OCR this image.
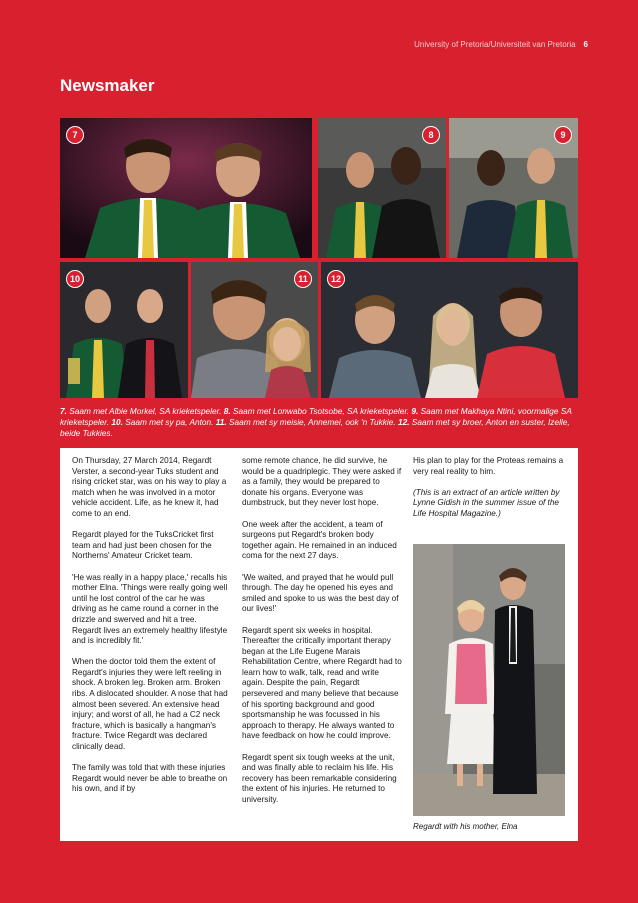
University of Pretoria/Universiteit van Pretoria 6
Newsmaker
7	8	9
10	11	12
7. Saam met Albie Morkel, SA krieketspeler. 8. Saam met Lonwabo Tsotsobe, SA krieketspeler. 9. Saam met Makhaya Ntini, voormalige SA krieketspeler. 10. Saam met sy pa, Anton. 11. Saam met sy meisie, Annemei, ook 'n Tukkie. 12. Saam met sy broer, Anton en suster, Izelle, beide Tukkies.

On Thursday, 27 March 2014, Regardt Verster, a second-year Tuks student and rising cricket star, was on his way to play a match when he was involved in a motor vehicle accident. Life, as he knew it, had come to an end.

Regardt played for the TuksCricket first team and had just been chosen for the Northerns' Amateur Cricket team.

'He was really in a happy place,' recalls his mother Elna. 'Things were really going well until he lost control of the car he was driving as he came round a corner in the drizzle and swerved and hit a tree. Regardt lives an extremely healthy lifestyle and is incredibly fit.'

When the doctor told them the extent of Regardt's injuries they were left reeling in shock. A broken leg. Broken arm. Broken ribs. A dislocated shoulder. A nose that had almost been severed. An extensive head injury; and worst of all, he had a C2 neck fracture, which is basically a hangman's fracture. Twice Regardt was declared clinically dead.

The family was told that with these injuries Regardt would never be able to breathe on his own, and if by

some remote chance, he did survive, he would be a quadriplegic. They were asked if as a family, they would be prepared to donate his organs. Everyone was dumbstruck, but they never lost hope.

One week after the accident, a team of surgeons put Regardt's broken body together again. He remained in an induced coma for the next 27 days.

'We waited, and prayed that he would pull through. The day he opened his eyes and smiled and spoke to us was the best day of our lives!'

Regardt spent six weeks in hospital. Thereafter the critically important therapy began at the Life Eugene Marais Rehabilitation Centre, where Regardt had to learn how to walk, talk, read and write again. Despite the pain, Regardt persevered and many believe that because of his sporting background and good sportsmanship he was focussed in his approach to therapy. He always wanted to have feedback on how he could improve.

Regardt spent six tough weeks at the unit, and was finally able to reclaim his life. His recovery has been remarkable considering the extent of his injuries. He returned to university.

His plan to play for the Proteas remains a very real reality to him.

(This is an extract of an article written by Lynne Gidish in the summer issue of the Life Hospital Magazine.)

Regardt with his mother, Elna
